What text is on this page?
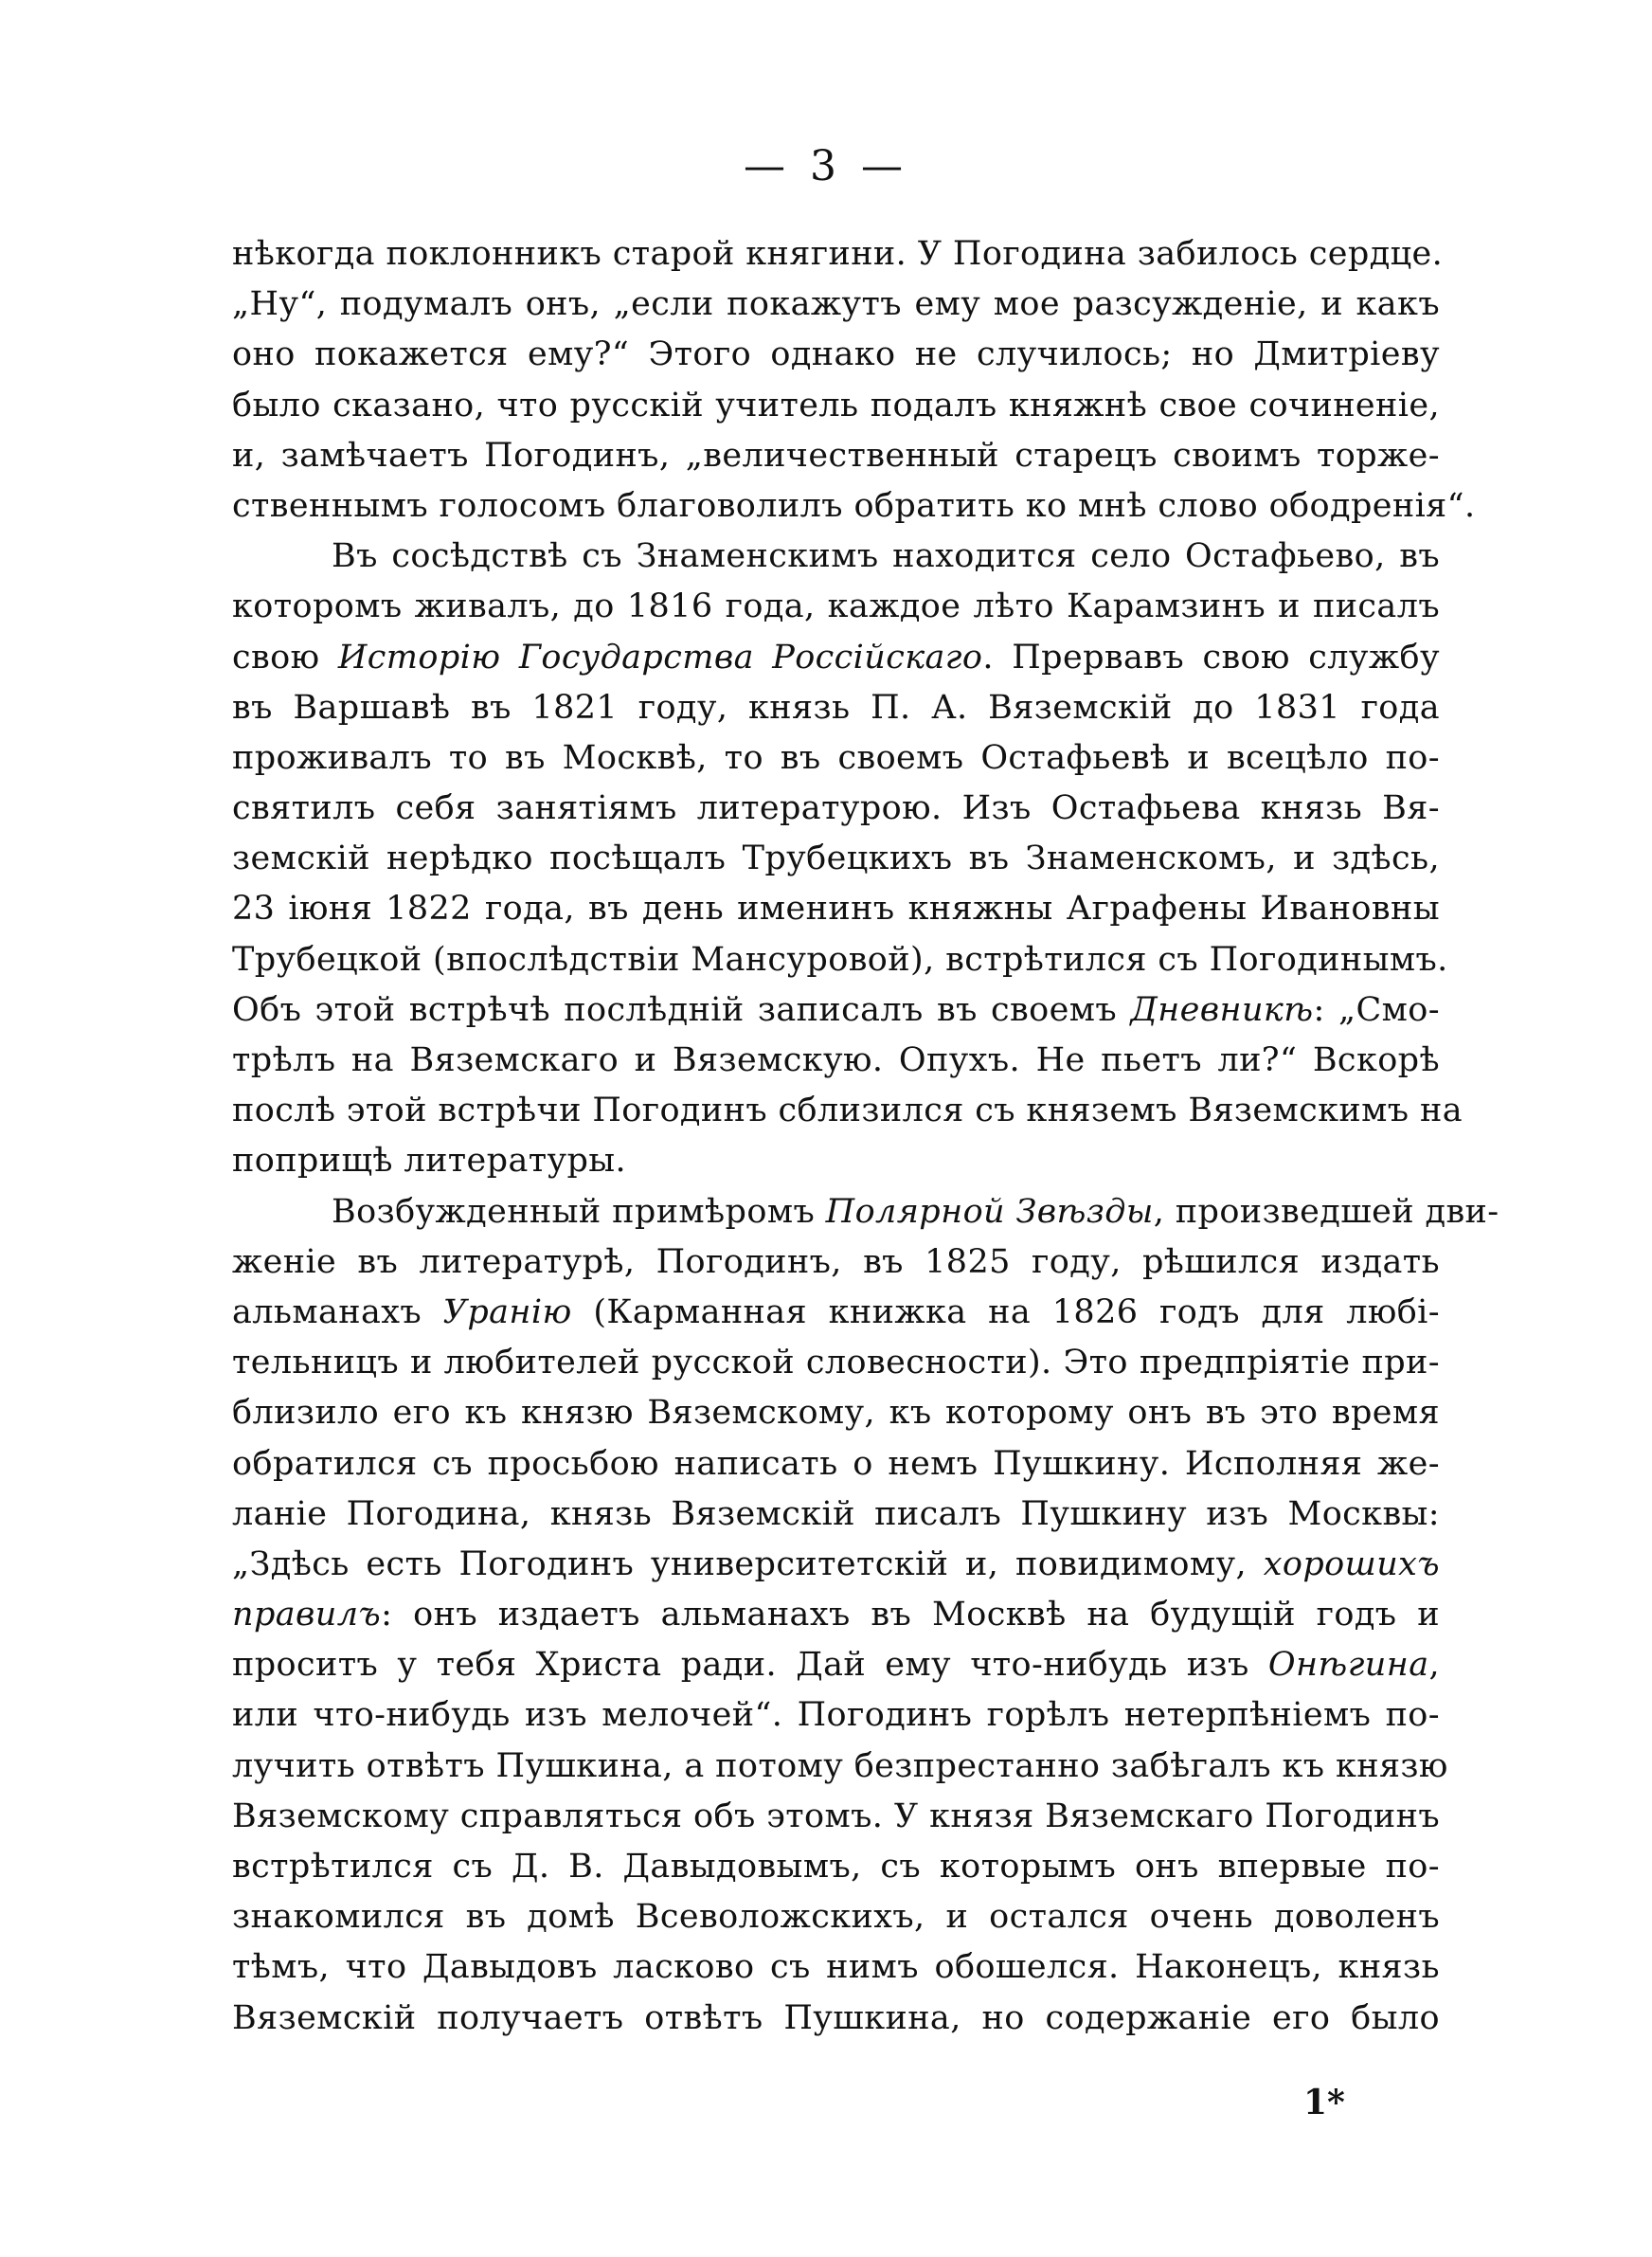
— 3 —
нѣкогда поклонникъ старой княгини. У Погодина забилось сердце.
„Ну“, подумалъ онъ, „если покажутъ ему мое разсужденіе, и какъ
оно покажется ему?“ Этого однако не случилось; но Дмитріеву
было сказано, что русскій учитель подалъ княжнѣ свое сочиненіе,
и, замѣчаетъ Погодинъ, „величественный старецъ своимъ торже-
ственнымъ голосомъ благоволилъ обратить ко мнѣ слово ободренія“.
Въ сосѣдствѣ съ Знаменскимъ находится село Остафьево, въ
которомъ живалъ, до 1816 года, каждое лѣто Карамзинъ и писалъ
свою Исторію Государства Россійскаго. Прервавъ свою службу
въ Варшавѣ въ 1821 году, князь П. А. Вяземскій до 1831 года
проживалъ то въ Москвѣ, то въ своемъ Остафьевѣ и всецѣло по-
святилъ себя занятіямъ литературою. Изъ Остафьева князь Вя-
земскій нерѣдко посѣщалъ Трубецкихъ въ Знаменскомъ, и здѣсь,
23 іюня 1822 года, въ день именинъ княжны Аграфены Ивановны
Трубецкой (впослѣдствіи Мансуровой), встрѣтился съ Погодинымъ.
Объ этой встрѣчѣ послѣдній записалъ въ своемъ Дневникѣ: „Смо-
трѣлъ на Вяземскаго и Вяземскую. Опухъ. Не пьетъ ли?“ Вскорѣ
послѣ этой встрѣчи Погодинъ сблизился съ княземъ Вяземскимъ на
поприщѣ литературы.
Возбужденный примѣромъ Полярной Звѣзды, произведшей дви-
женіе въ литературѣ, Погодинъ, въ 1825 году, рѣшился издать
альманахъ Уранію (Карманная книжка на 1826 годъ для любі-
тельницъ и любителей русской словесности). Это предпріятіе при-
близило его къ князю Вяземскому, къ которому онъ въ это время
обратился съ просьбою написать о немъ Пушкину. Исполняя же-
ланіе Погодина, князь Вяземскій писалъ Пушкину изъ Москвы:
„Здѣсь есть Погодинъ университетскій и, повидимому, хорошихъ
правилъ: онъ издаетъ альманахъ въ Москвѣ на будущій годъ и
проситъ у тебя Христа ради. Дай ему что-нибудь изъ Онѣгина,
или что-нибудь изъ мелочей“. Погодинъ горѣлъ нетерпѣніемъ по-
лучить отвѣтъ Пушкина, а потому безпрестанно забѣгалъ къ князю
Вяземскому справляться объ этомъ. У князя Вяземскаго Погодинъ
встрѣтился съ Д. В. Давыдовымъ, съ которымъ онъ впервые по-
знакомился въ домѣ Всеволожскихъ, и остался очень доволенъ
тѣмъ, что Давыдовъ ласково съ нимъ обошелся. Наконецъ, князь
Вяземскій получаетъ отвѣтъ Пушкина, но содержаніе его было
1*
